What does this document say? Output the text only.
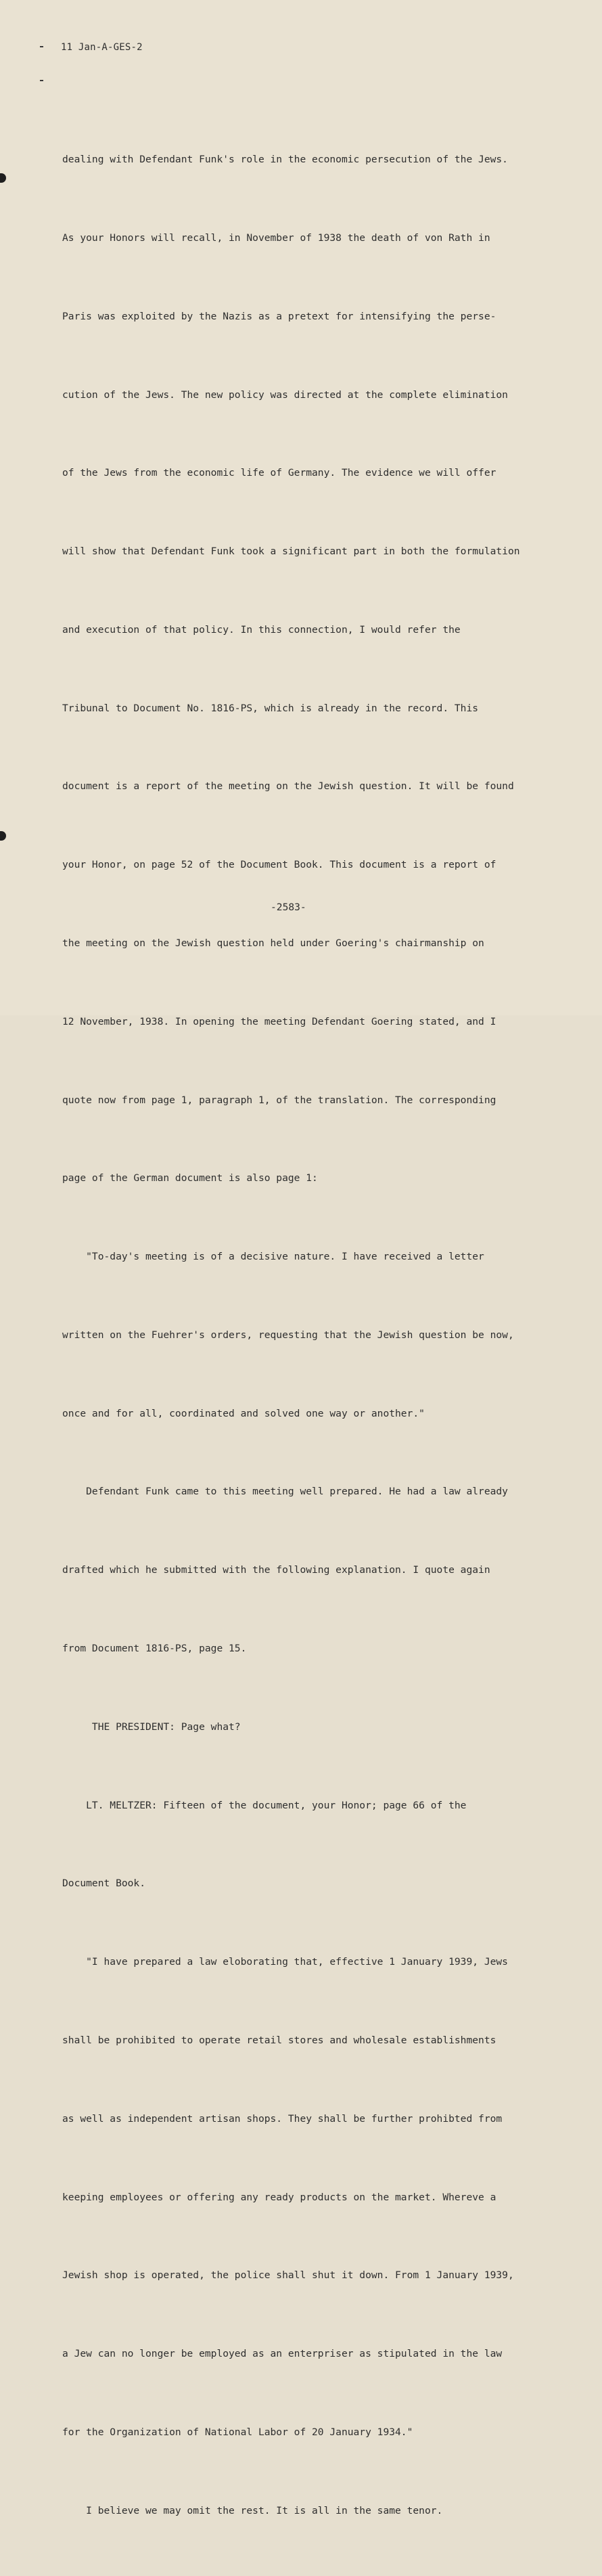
11 Jan-A-GES-2

dealing with Defendant Funk's role in the economic persecution of the Jews.

As your Honors will recall, in November of 1938 the death of von Rath in

Paris was exploited by the Nazis as a pretext for intensifying the perse-

cution of the Jews. The new policy was directed at the complete elimination

of the Jews from the economic life of Germany. The evidence we will offer

will show that Defendant Funk took a significant part in both the formulation

and execution of that policy. In this connection, I would refer the

Tribunal to Document No. 1816-PS, which is already in the record. This

document is a report of the meeting on the Jewish question. It will be found

your Honor, on page 52 of the Document Book. This document is a report of

the meeting on the Jewish question held under Goering's chairmanship on

12 November, 1938. In opening the meeting Defendant Goering stated, and I

quote now from page 1, paragraph 1, of the translation. The corresponding

page of the German document is also page 1:

"To-day's meeting is of a decisive nature. I have received a letter

written on the Fuehrer's orders, requesting that the Jewish question be now,

once and for all, coordinated and solved one way or another."

Defendant Funk came to this meeting well prepared. He had a law already

drafted which he submitted with the following explanation. I quote again

from Document 1816-PS, page 15.

THE PRESIDENT: Page what?

LT. MELTZER: Fifteen of the document, your Honor; page 66 of the

Document Book.

"I have prepared a law eloborating that, effective 1 January 1939, Jews

shall be prohibited to operate retail stores and wholesale establishments

as well as independent artisan shops. They shall be further prohibted from

keeping employees or offering any ready products on the market. Whereve a

Jewish shop is operated, the police shall shut it down. From 1 January 1939,

a Jew can no longer be employed as an enterpriser as stipulated in the law

for the Organization of National Labor of 20 January 1934."

I believe we may omit the rest. It is all in the same tenor.

-2583-
